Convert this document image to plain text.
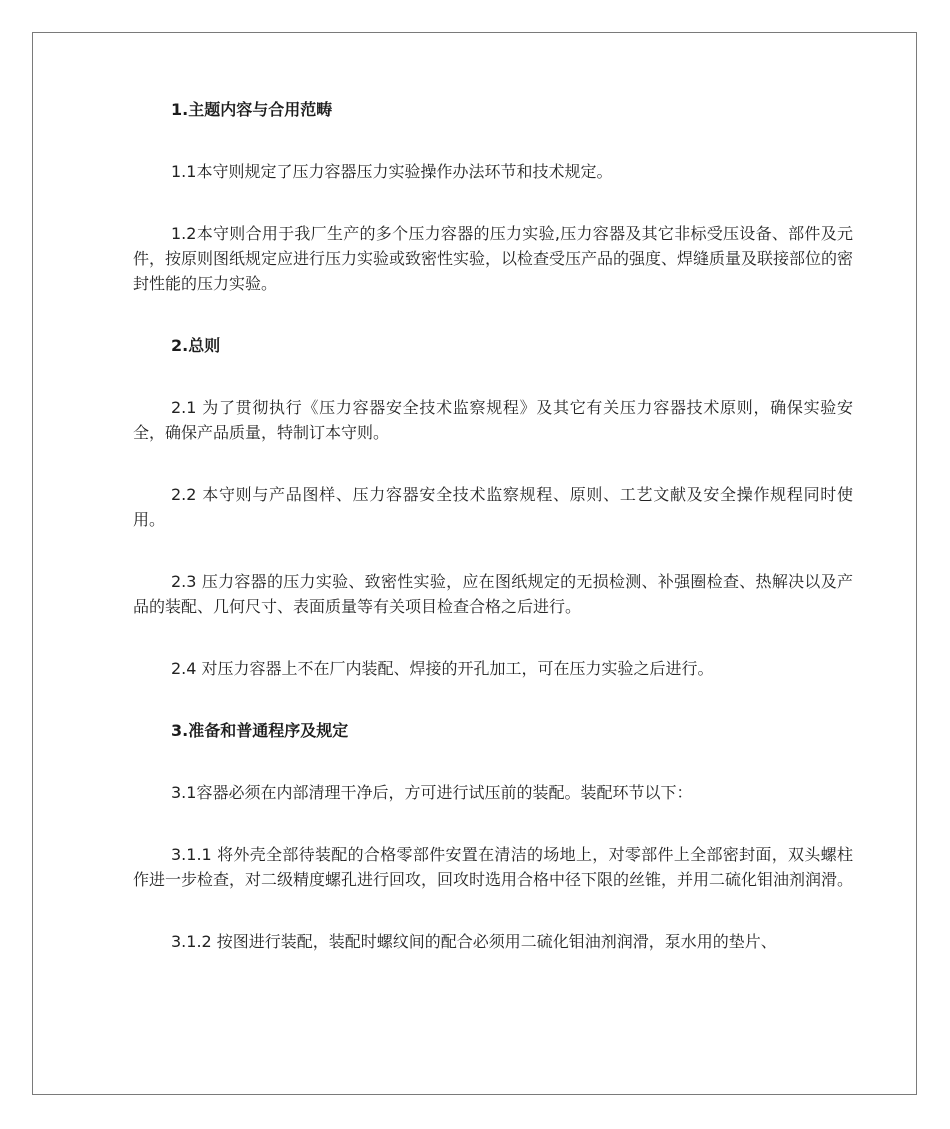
1.主题内容与合用范畴

1.1本守则规定了压力容器压力实验操作办法环节和技术规定。

1.2本守则合用于我厂生产的多个压力容器的压力实验,压力容器及其它非标受压设备、部件及元件，按原则图纸规定应进行压力实验或致密性实验，以检查受压产品的强度、焊缝质量及联接部位的密封性能的压力实验。

2.总则

2.1 为了贯彻执行《压力容器安全技术监察规程》及其它有关压力容器技术原则，确保实验安全，确保产品质量，特制订本守则。

2.2 本守则与产品图样、压力容器安全技术监察规程、原则、工艺文献及安全操作规程同时使用。

2.3 压力容器的压力实验、致密性实验，应在图纸规定的无损检测、补强圈检查、热解决以及产品的装配、几何尺寸、表面质量等有关项目检查合格之后进行。

2.4 对压力容器上不在厂内装配、焊接的开孔加工，可在压力实验之后进行。

3.准备和普通程序及规定

3.1容器必须在内部清理干净后，方可进行试压前的装配。装配环节以下：

3.1.1 将外壳全部待装配的合格零部件安置在清洁的场地上，对零部件上全部密封面，双头螺柱作进一步检查，对二级精度螺孔进行回攻，回攻时选用合格中径下限的丝锥，并用二硫化钼油剂润滑。

3.1.2 按图进行装配，装配时螺纹间的配合必须用二硫化钼油剂润滑，泵水用的垫片、
